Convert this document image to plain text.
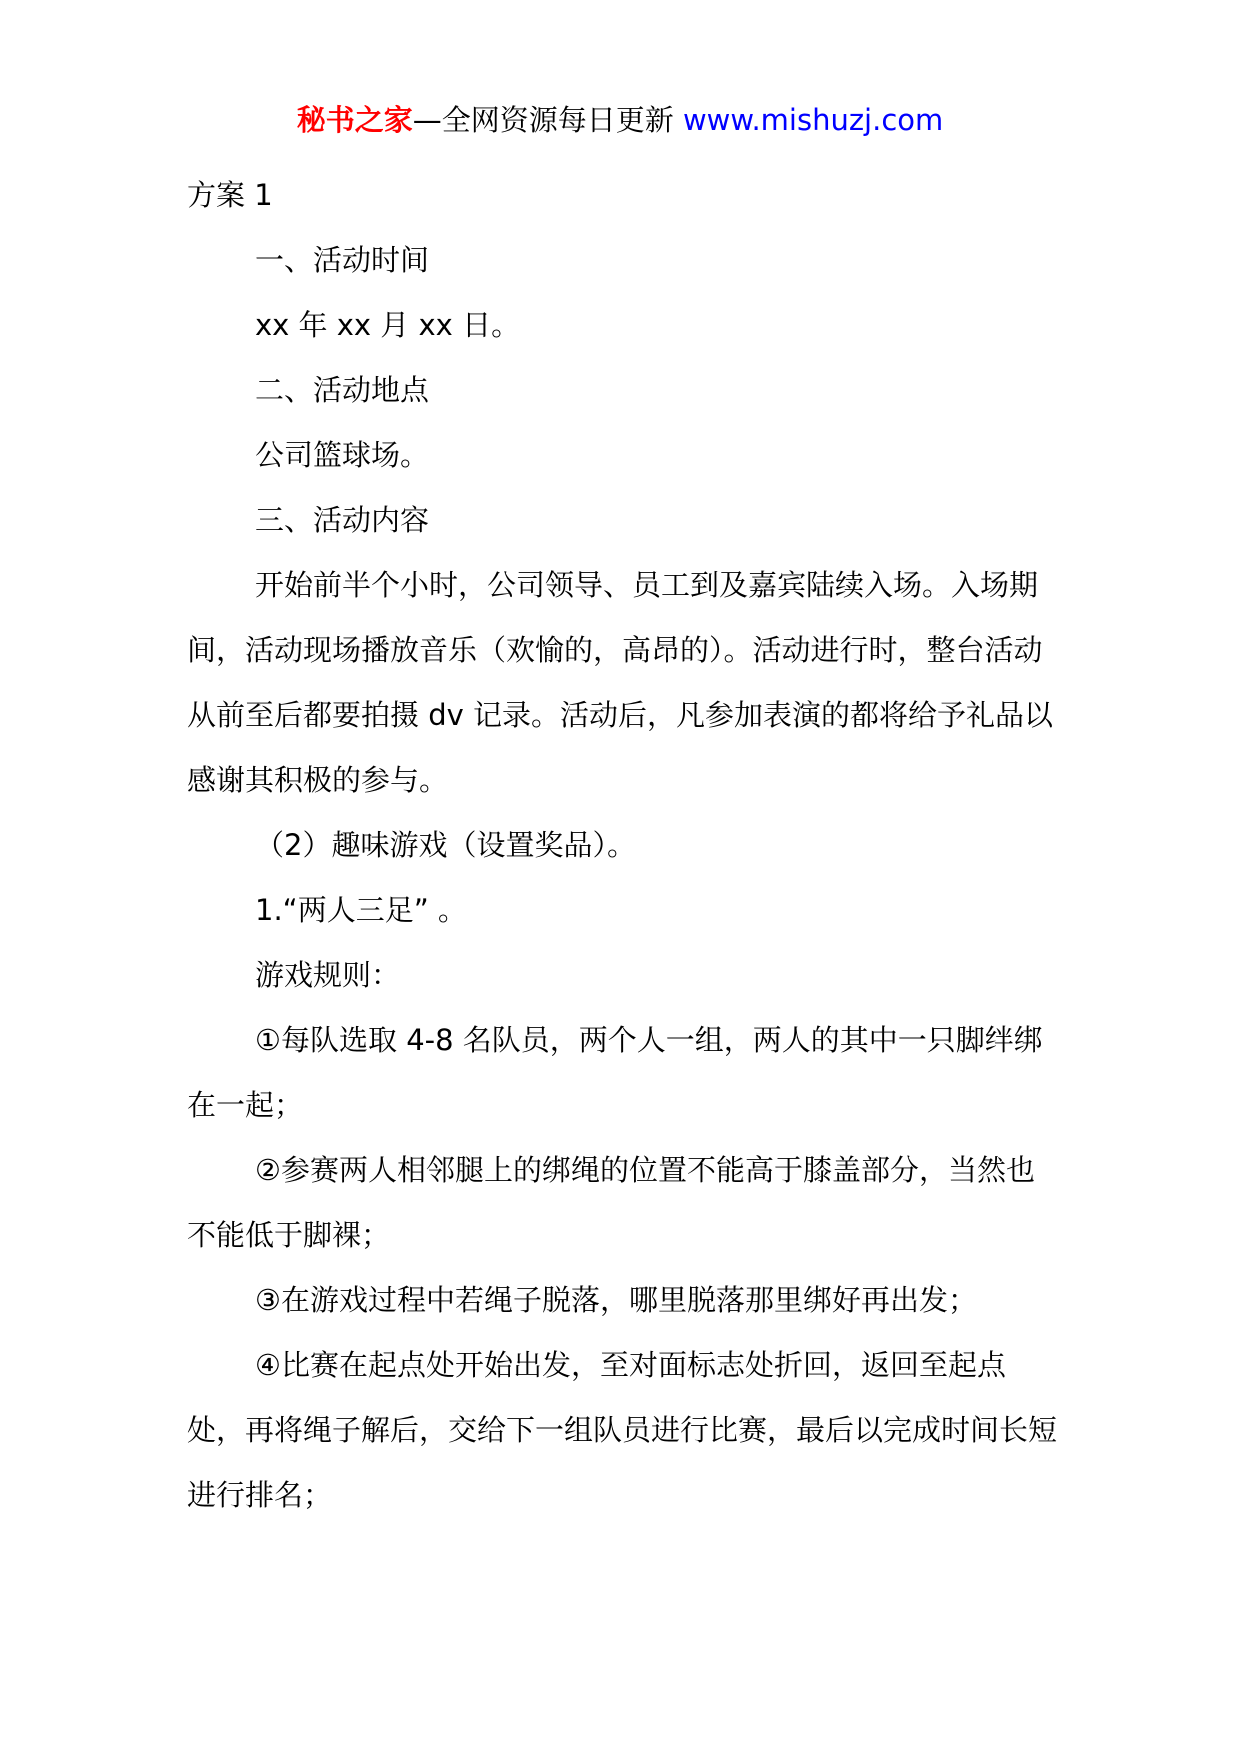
秘书之家—全网资源每日更新 www.mishuzj.com

方案 1

一、活动时间

xx 年 xx 月 xx 日。

二、活动地点

公司篮球场。

三、活动内容

开始前半个小时，公司领导、员工到及嘉宾陆续入场。入场期间，活动现场播放音乐（欢愉的，高昂的）。活动进行时，整台活动从前至后都要拍摄 dv 记录。活动后，凡参加表演的都将给予礼品以感谢其积极的参与。

（2）趣味游戏（设置奖品）。

1.“两人三足” 。

游戏规则：

①每队选取 4-8 名队员，两个人一组，两人的其中一只脚绊绑在一起；

②参赛两人相邻腿上的绑绳的位置不能高于膝盖部分，当然也不能低于脚裸；

③在游戏过程中若绳子脱落，哪里脱落那里绑好再出发；

④比赛在起点处开始出发，至对面标志处折回，返回至起点处，再将绳子解后，交给下一组队员进行比赛，最后以完成时间长短进行排名；
